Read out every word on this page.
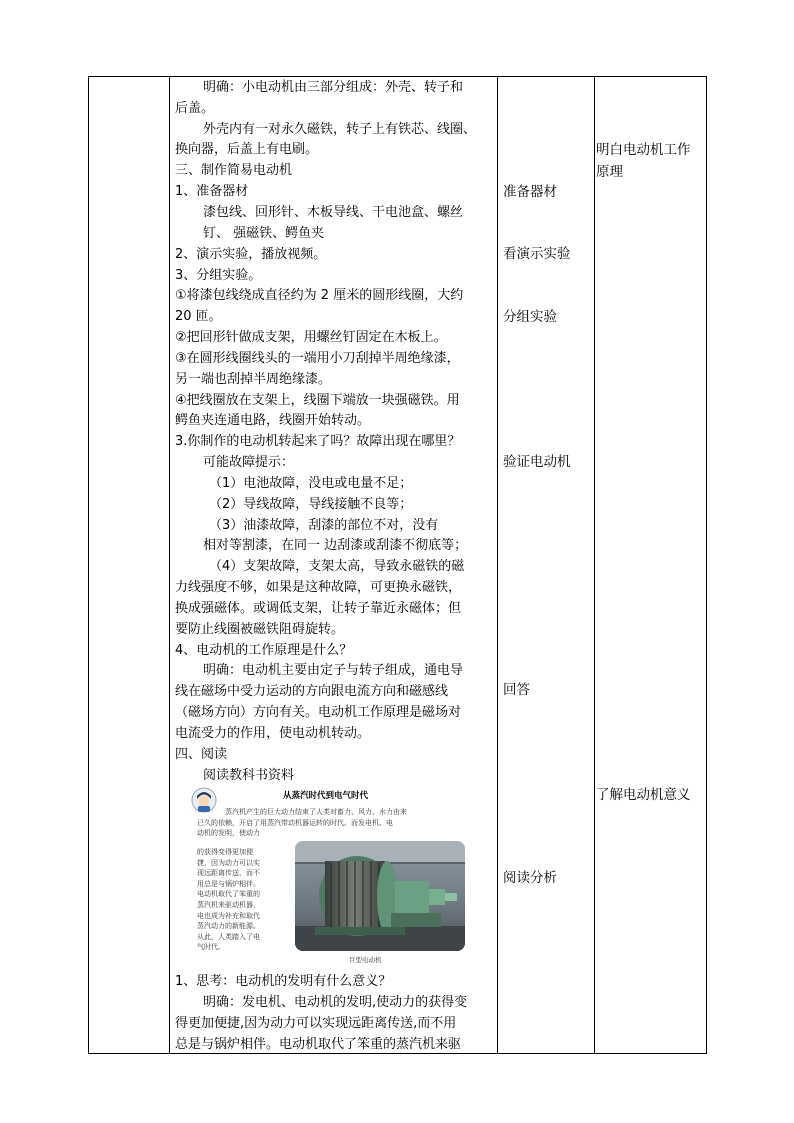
明确：小电动机由三部分组成：外壳、转子和
后盖。
外壳内有一对永久磁铁，转子上有铁芯、线圈、
换向器，后盖上有电刷。
三、制作简易电动机
1、准备器材
漆包线、回形针、木板导线、干电池盒、螺丝
钉、 强磁铁、鳄鱼夹
2、演示实验，播放视频。
3、分组实验。
①将漆包线绕成直径约为 2 厘米的圆形线圈，大约
20 匝。
②把回形针做成支架，用螺丝钉固定在木板上。
③在圆形线圈线头的一端用小刀刮掉半周绝缘漆，
另一端也刮掉半周绝缘漆。
④把线圈放在支架上，线圈下端放一块强磁铁。用
鳄鱼夹连通电路，线圈开始转动。
3.你制作的电动机转起来了吗？故障出现在哪里？
可能故障提示：
（1）电池故障，没电或电量不足；
（2）导线故障，导线接触不良等；
（3）油漆故障，刮漆的部位不对，没有
相对等割漆，在同一 边刮漆或刮漆不彻底等；
（4）支架故障，支架太高，导致永磁铁的磁
力线强度不够，如果是这种故障，可更换永磁铁，
换成强磁体。或调低支架，让转子靠近永磁体；但
要防止线圈被磁铁阻碍旋转。
4、电动机的工作原理是什么？
明确：电动机主要由定子与转子组成，通电导
线在磁场中受力运动的方向跟电流方向和磁感线
（磁场方向）方向有关。电动机工作原理是磁场对
电流受力的作用，使电动机转动。
四、阅读
阅读教科书资料
从蒸汽时代到电气时代
蒸汽机产生的巨大动力结束了人类对畜力、风力、水力由来
已久的依赖，开启了用蒸汽带动机器运转的时代。而发电机、电
动机的发明，使动力
的获得变得更加便
捷，因为动力可以实
现远距离传送，而不
用总是与锅炉相伴。
电动机取代了笨重的
蒸汽机来驱动机器，
电也成为补充和取代
蒸汽动力的新能源。
从此，人类踏入了电
气时代。
巨型电动机
1、思考：电动机的发明有什么意义？
明确：发电机、电动机的发明,使动力的获得变
得更加便捷,因为动力可以实现远距离传送,而不用
总是与锅炉相伴。电动机取代了笨重的蒸汽机来驱
准备器材
看演示实验
分组实验
验证电动机
回答
阅读分析
明白电动机工作
原理
了解电动机意义
